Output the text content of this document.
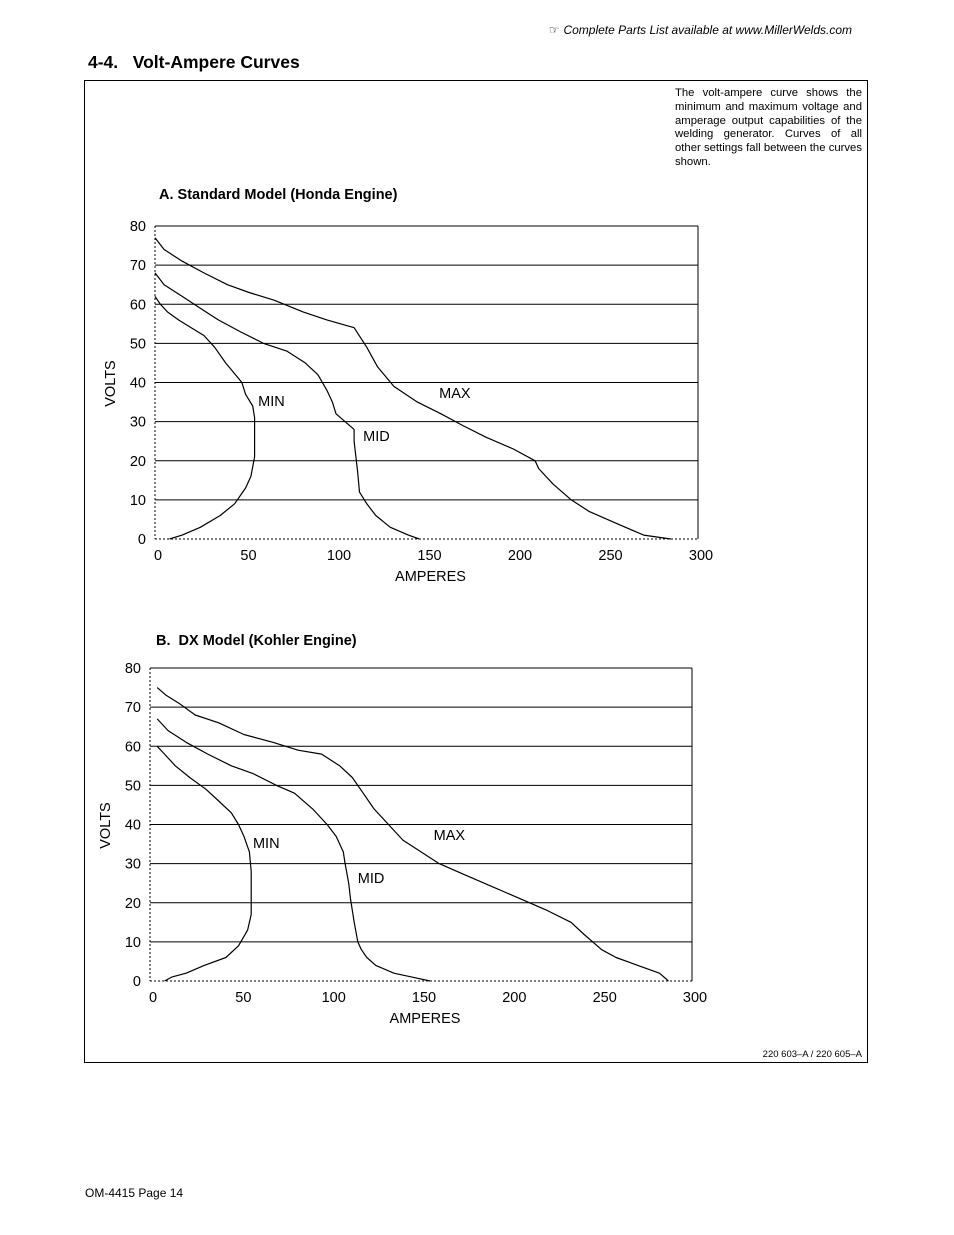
☞ Complete Parts List available at www.MillerWelds.com
4-4.   Volt-Ampere Curves
The volt-ampere curve shows the minimum and maximum voltage and amperage output capabilities of the welding generator. Curves of all other settings fall between the curves shown.
A. Standard Model (Honda Engine)
B.  DX Model (Kohler Engine)
0
10
20
30
40
50
60
70
80
0	50	100	150	200	250	300
AMPERES
VOLTS	MIN
MID
MAX
0
10
20
30
40
50
60
70
80
0	50	100	150	200	250	300
AMPERES
VOLTS	MIN
MID
MAX
220 603–A / 220 605–A
OM-4415 Page 14
